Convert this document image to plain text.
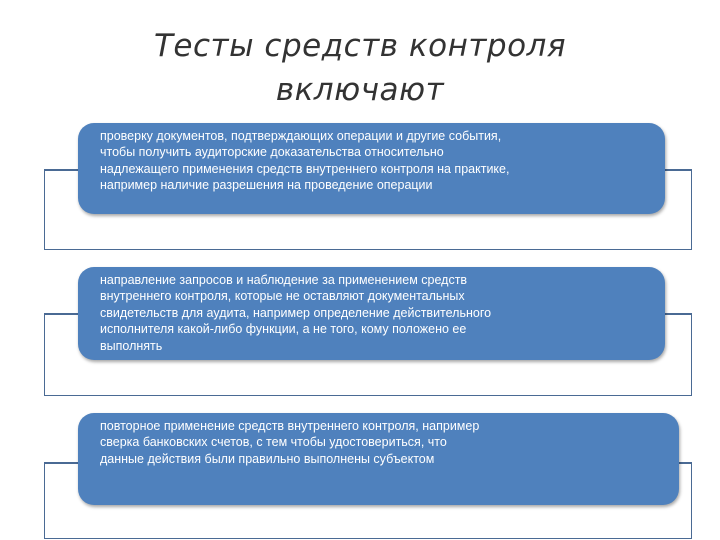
Тесты средств контроля
включают
проверку документов, подтверждающих операции и другие события, чтобы получить аудиторские доказательства относительно надлежащего применения средств внутреннего контроля на практике, например наличие разрешения на проведение операции
направление запросов и наблюдение за применением средств внутреннего контроля, которые не оставляют документальных свидетельств для аудита, например определение действительного исполнителя какой-либо функции, а не того, кому положено ее выполнять
повторное применение средств внутреннего контроля, например сверка банковских счетов, с тем чтобы удостовериться, что данные действия были правильно выполнены субъектом
